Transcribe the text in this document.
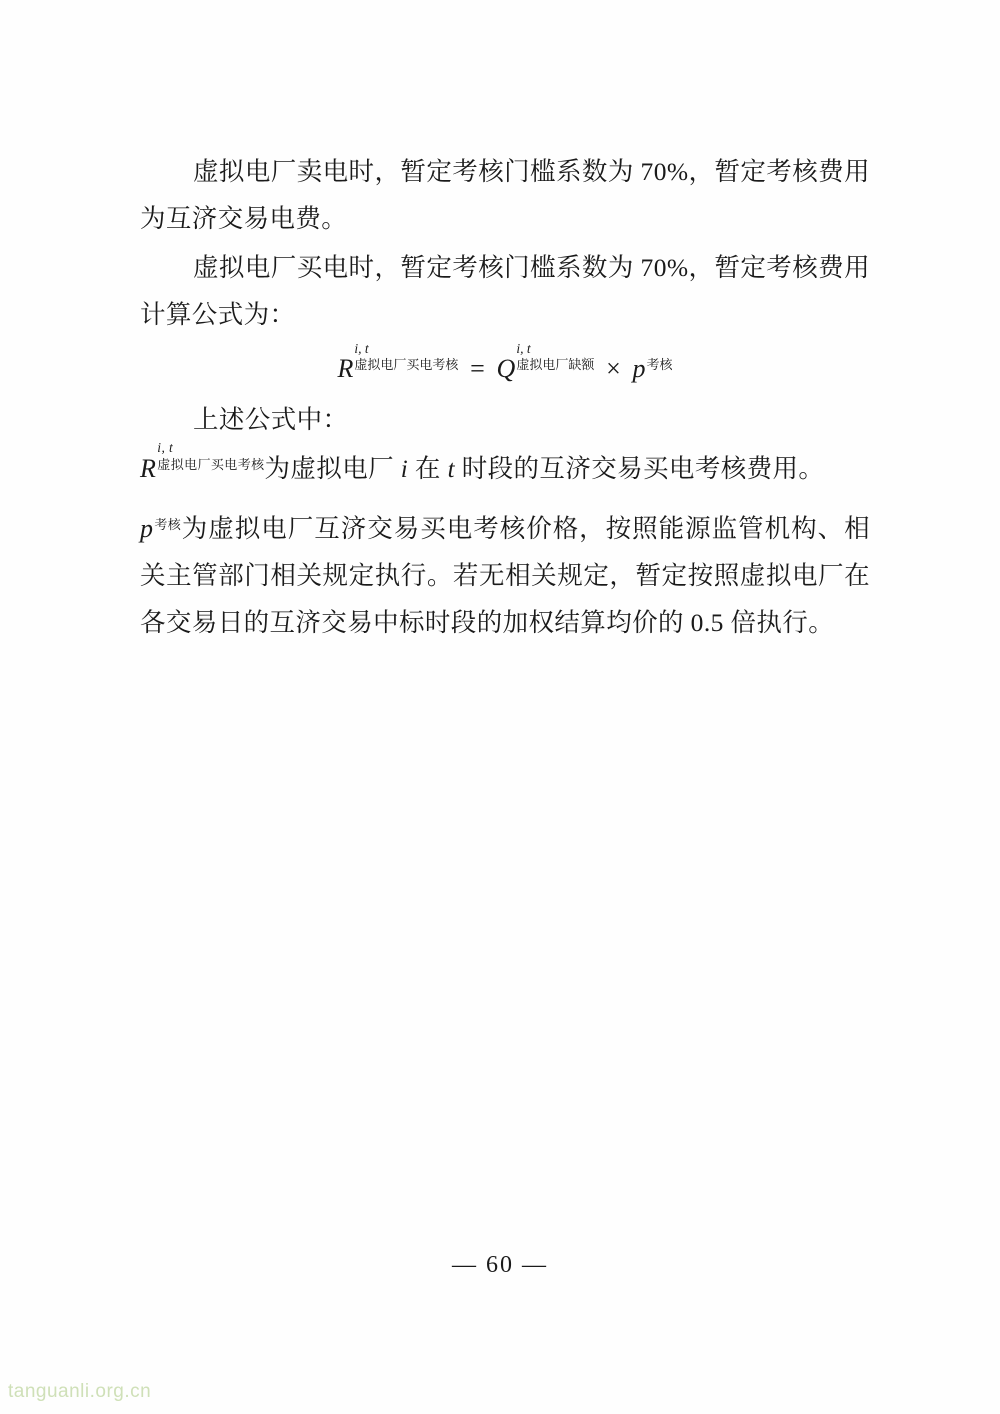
虚拟电厂卖电时，暂定考核门槛系数为 70%，暂定考核费用为互济交易电费。

虚拟电厂买电时，暂定考核门槛系数为 70%，暂定考核费用计算公式为：

R
i, t
虚拟电厂买电考核 = Q
i, t
虚拟电厂缺额 × p 考核

上述公式中：

R
i, t
虚拟电厂买电考核 为虚拟电厂 i 在 t 时段的互济交易买电考核费用。

p 考核 为虚拟电厂互济交易买电考核价格，按照能源监管机构、相关主管部门相关规定执行。若无相关规定，暂定按照虚拟电厂在各交易日的互济交易中标时段的加权结算均价的 0.5 倍执行。

— 60 —
tanguanli.org.cn
